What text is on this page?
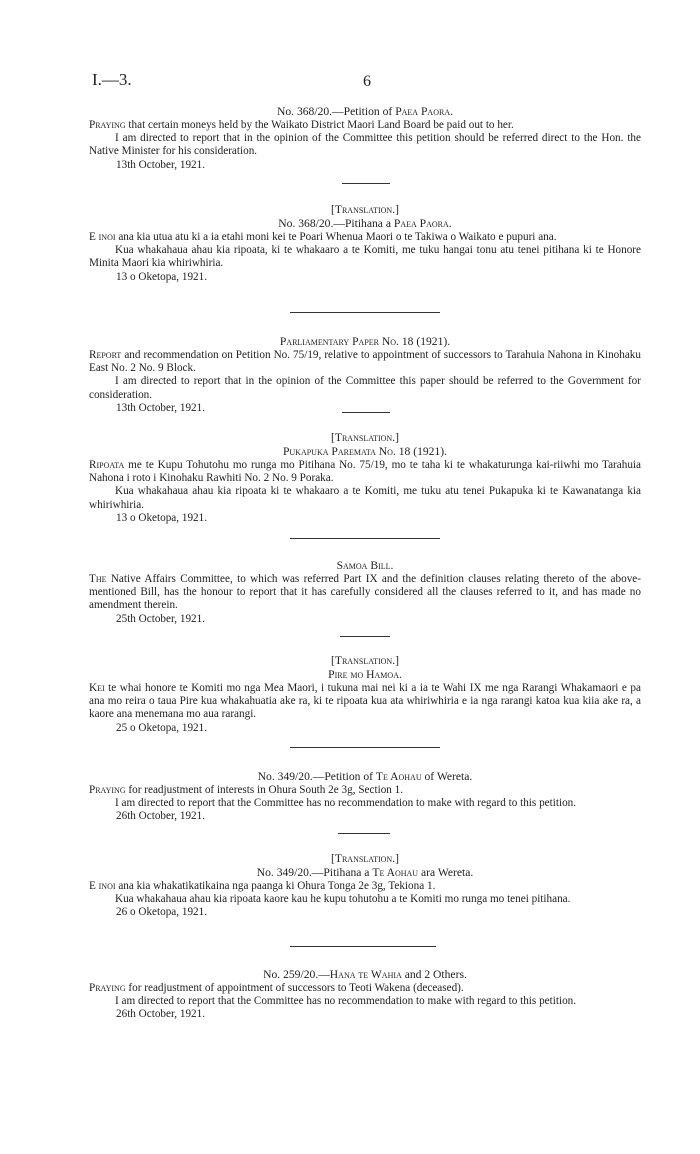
I.—3.	6
No. 368/20.—Petition of Paea Paora.

Praying that certain moneys held by the Waikato District Maori Land Board be paid out to her.

I am directed to report that in the opinion of the Committee this petition should be referred direct to the Hon. the Native Minister for his consideration.

13th October, 1921.

[Translation.]
No. 368/20.—Pitihana a Paea Paora.

E inoi ana kia utua atu ki a ia etahi moni kei te Poari Whenua Maori o te Takiwa o Waikato e pupuri ana.

Kua whakahaua ahau kia ripoata, ki te whakaaro a te Komiti, me tuku hangai tonu atu tenei pitihana ki te Honore Minita Maori kia whiriwhiria.

13 o Oketopa, 1921.

Parliamentary Paper No. 18 (1921).

Report and recommendation on Petition No. 75/19, relative to appointment of successors to Tarahuia Nahona in Kinohaku East No. 2 No. 9 Block.

I am directed to report that in the opinion of the Committee this paper should be referred to the Government for consideration.

13th October, 1921.

[Translation.]
Pukapuka Paremata No. 18 (1921).

Ripoata me te Kupu Tohutohu mo runga mo Pitihana No. 75/19, mo te taha ki te whakaturunga kai-riiwhi mo Tarahuia Nahona i roto i Kinohaku Rawhiti No. 2 No. 9 Poraka.

Kua whakahaua ahau kia ripoata ki te whakaaro a te Komiti, me tuku atu tenei Pukapuka ki te Kawanatanga kia whiriwhiria.

13 o Oketopa, 1921.

Samoa Bill.

The Native Affairs Committee, to which was referred Part IX and the definition clauses relating thereto of the above-mentioned Bill, has the honour to report that it has carefully considered all the clauses referred to it, and has made no amendment therein.

25th October, 1921.

[Translation.]
Pire mo Hamoa.

Kei te whai honore te Komiti mo nga Mea Maori, i tukuna mai nei ki a ia te Wahi IX me nga Rarangi Whakamaori e pa ana mo reira o taua Pire kua whakahuatia ake ra, ki te ripoata kua ata whiriwhiria e ia nga rarangi katoa kua kiia ake ra, a kaore ana menemana mo aua rarangi.

25 o Oketopa, 1921.

No. 349/20.—Petition of Te Aohau of Wereta.

Praying for readjustment of interests in Ohura South 2e 3g, Section 1.

I am directed to report that the Committee has no recommendation to make with regard to this petition.

26th October, 1921.

[Translation.]
No. 349/20.—Pitihana a Te Aohau ara Wereta.

E inoi ana kia whakatikatikaina nga paanga ki Ohura Tonga 2e 3g, Tekiona 1.

Kua whakahaua ahau kia ripoata kaore kau he kupu tohutohu a te Komiti mo runga mo tenei pitihana.

26 o Oketopa, 1921.

No. 259/20.—Hana te Wahia and 2 Others.

Praying for readjustment of appointment of successors to Teoti Wakena (deceased).

I am directed to report that the Committee has no recommendation to make with regard to this petition.

26th October, 1921.
